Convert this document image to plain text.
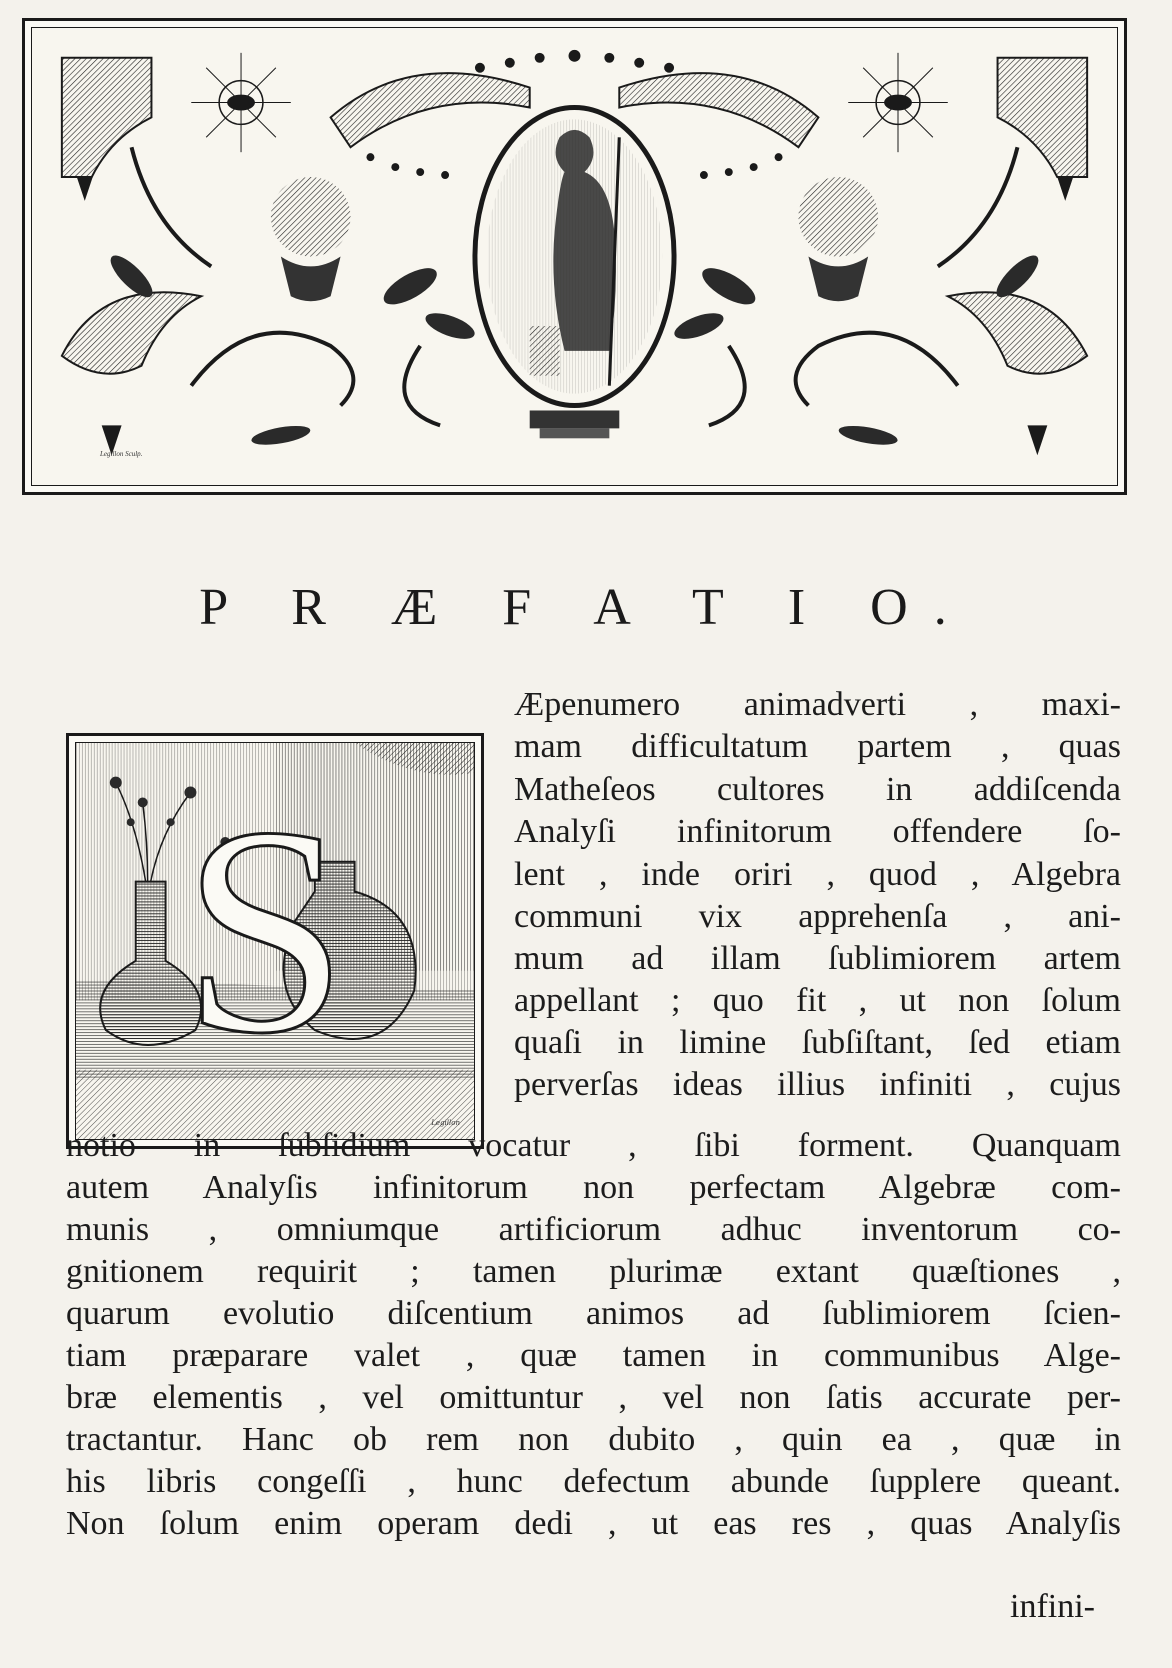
Legillon Sculp.
P R Æ F A T I O.
S
Legillon
Æpenumero animadverti , maxi-
mam difficultatum partem , quas
Matheſeos cultores in addiſcenda
Analyſi infinitorum offendere ſo-
lent , inde oriri , quod , Algebra
communi vix apprehenſa , ani-
mum ad illam ſublimiorem artem
appellant ; quo fit , ut non ſolum
quaſi in limine ſubſiſtant, ſed etiam
perverſas ideas illius infiniti , cujus
notio in ſubſidium vocatur , ſibi forment. Quanquam
autem Analyſis infinitorum non perfectam Algebræ com-
munis , omniumque artificiorum adhuc inventorum co-
gnitionem requirit ; tamen plurimæ extant quæſtiones ,
quarum evolutio diſcentium animos ad ſublimiorem ſcien-
tiam præparare valet , quæ tamen in communibus Alge-
bræ elementis , vel omittuntur , vel non ſatis accurate per-
tractantur. Hanc ob rem non dubito , quin ea , quæ in
his libris congeſſi , hunc defectum abunde ſupplere queant.
Non ſolum enim operam dedi , ut eas res , quas Analyſis
infini-
